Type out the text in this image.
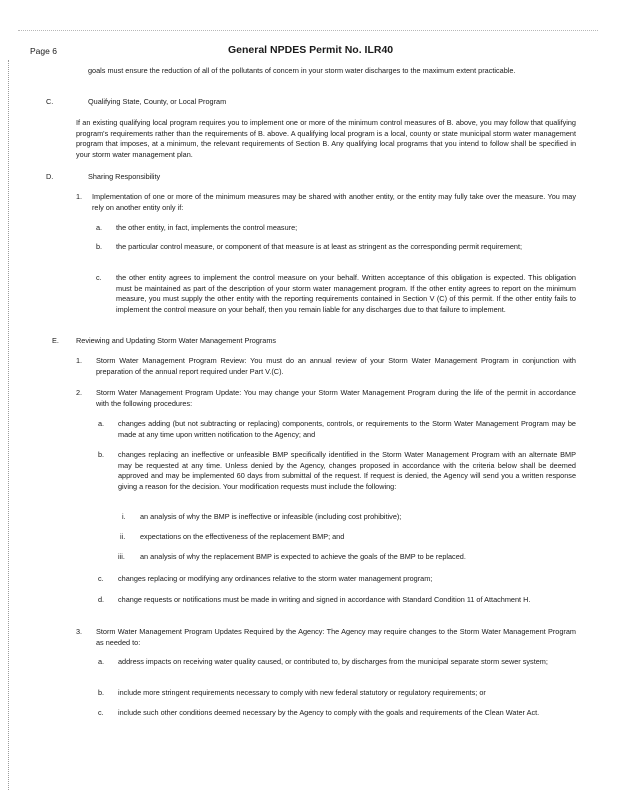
Page 6	General NPDES Permit No. ILR40

goals must ensure the reduction of all of the pollutants of concern in your storm water discharges to the maximum extent practicable.

C.	Qualifying State, County, or Local Program

If an existing qualifying local program requires you to implement one or more of the minimum control measures of B. above, you may follow that qualifying program's requirements rather than the requirements of B. above. A qualifying local program is a local, county or state municipal storm water management program that imposes, at a minimum, the relevant requirements of Section B. Any qualifying local programs that you intend to follow shall be specified in your storm water management plan.

D.	Sharing Responsibility
1. Implementation of one or more of the minimum measures may be shared with another entity, or the entity may fully take over the measure. You may rely on another entity only if:

a. the other entity, in fact, implements the control measure;

b. the particular control measure, or component of that measure is at least as stringent as the corresponding permit requirement;

c. the other entity agrees to implement the control measure on your behalf. Written acceptance of this obligation is expected. This obligation must be maintained as part of the description of your storm water management program. If the other entity agrees to report on the minimum measure, you must supply the other entity with the reporting requirements contained in Section V (C) of this permit. If the other entity fails to implement the control measure on your behalf, then you remain liable for any discharges due to that failure to implement.

E. Reviewing and Updating Storm Water Management Programs
1. Storm Water Management Program Review: You must do an annual review of your Storm Water Management Program in conjunction with preparation of the annual report required under Part V.(C).

2. Storm Water Management Program Update: You may change your Storm Water Management Program during the life of the permit in accordance with the following procedures:

a. changes adding (but not subtracting or replacing) components, controls, or requirements to the Storm Water Management Program may be made at any time upon written notification to the Agency; and

b. changes replacing an ineffective or unfeasible BMP specifically identified in the Storm Water Management Program with an alternate BMP may be requested at any time. Unless denied by the Agency, changes proposed in accordance with the criteria below shall be deemed approved and may be implemented 60 days from submittal of the request. If request is denied, the Agency will send you a written response giving a reason for the decision. Your modification requests must include the following:

i. an analysis of why the BMP is ineffective or infeasible (including cost prohibitive);

ii. expectations on the effectiveness of the replacement BMP; and

iii. an analysis of why the replacement BMP is expected to achieve the goals of the BMP to be replaced.

c. changes replacing or modifying any ordinances relative to the storm water management program;

d. change requests or notifications must be made in writing and signed in accordance with Standard Condition 11 of Attachment H.

3. Storm Water Management Program Updates Required by the Agency: The Agency may require changes to the Storm Water Management Program as needed to:

a. address impacts on receiving water quality caused, or contributed to, by discharges from the municipal separate storm sewer system;

b. include more stringent requirements necessary to comply with new federal statutory or regulatory requirements; or

c. include such other conditions deemed necessary by the Agency to comply with the goals and requirements of the Clean Water Act.
